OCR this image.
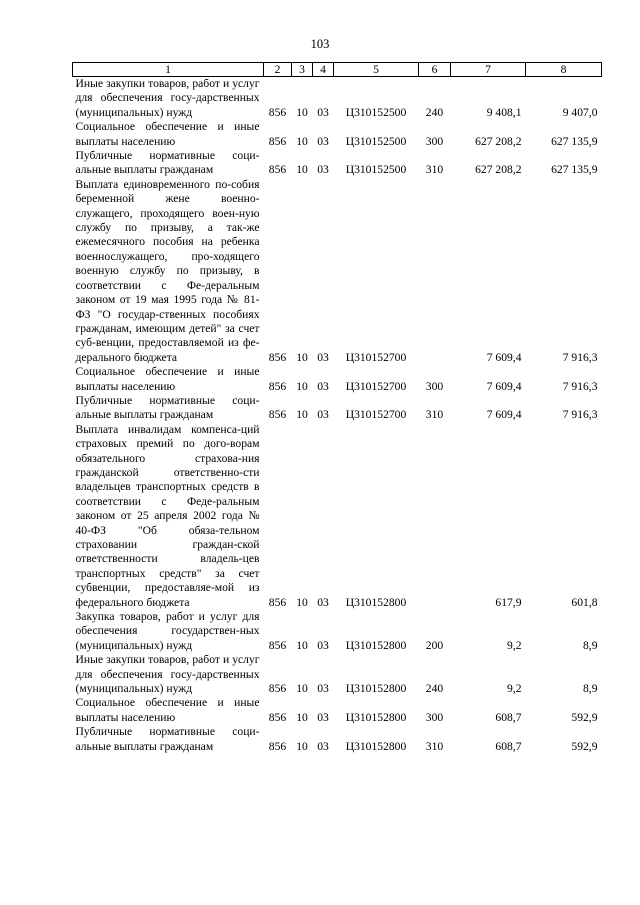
103
1	2	3	4	5	6	7	8
Иные закупки товаров, работ и услуг для обеспечения госу-дарственных (муниципальных) нужд	856	10	03	Ц310152500	240	9 408,1	9 407,0
Социальное обеспечение и иные выплаты населению	856	10	03	Ц310152500	300	627 208,2	627 135,9
Публичные нормативные соци-альные выплаты гражданам	856	10	03	Ц310152500	310	627 208,2	627 135,9
Выплата единовременного по-собия беременной жене военно-служащего, проходящего воен-ную службу по призыву, а так-же ежемесячного пособия на ребенка военнослужащего, про-ходящего военную службу по призыву, в соответствии с Фе-деральным законом от 19 мая 1995 года № 81-ФЗ "О государ-ственных пособиях гражданам, имеющим детей" за счет суб-венции, предоставляемой из фе-дерального бюджета	856	10	03	Ц310152700		7 609,4	7 916,3
Социальное обеспечение и иные выплаты населению	856	10	03	Ц310152700	300	7 609,4	7 916,3
Публичные нормативные соци-альные выплаты гражданам	856	10	03	Ц310152700	310	7 609,4	7 916,3
Выплата инвалидам компенса-ций страховых премий по дого-ворам обязательного страхова-ния гражданской ответственно-сти владельцев транспортных средств в соответствии с Феде-ральным законом от 25 апреля 2002 года № 40-ФЗ "Об обяза-тельном страховании граждан-ской ответственности владель-цев транспортных средств" за счет субвенции, предоставляе-мой из федерального бюджета	856	10	03	Ц310152800		617,9	601,8
Закупка товаров, работ и услуг для обеспечения государствен-ных (муниципальных) нужд	856	10	03	Ц310152800	200	9,2	8,9
Иные закупки товаров, работ и услуг для обеспечения госу-дарственных (муниципальных) нужд	856	10	03	Ц310152800	240	9,2	8,9
Социальное обеспечение и иные выплаты населению	856	10	03	Ц310152800	300	608,7	592,9
Публичные нормативные соци-альные выплаты гражданам	856	10	03	Ц310152800	310	608,7	592,9
